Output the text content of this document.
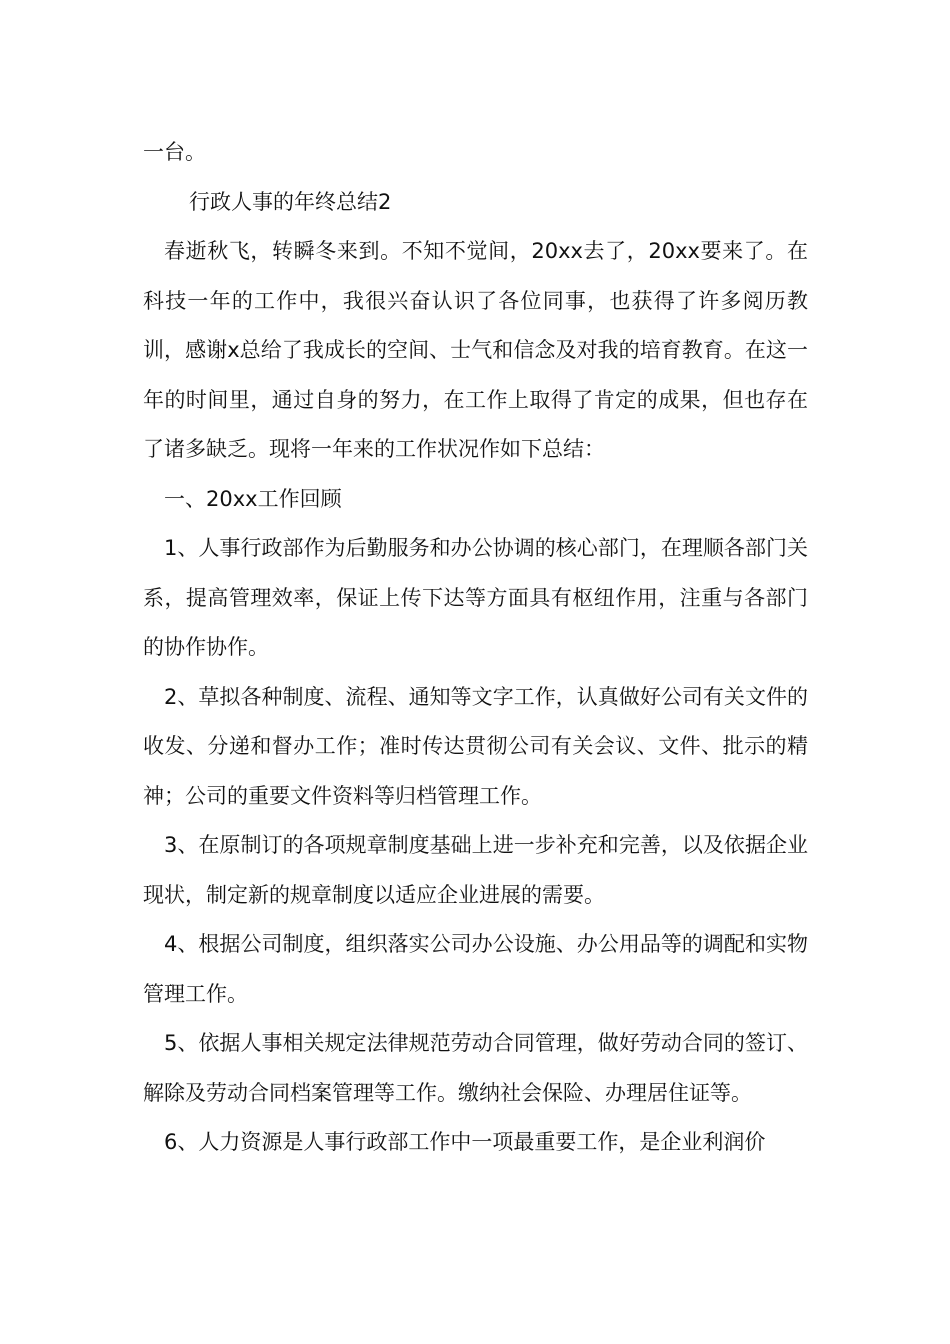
一台。

行政人事的年终总结2

春逝秋飞，转瞬冬来到。不知不觉间，20xx去了，20xx要来了。在科技一年的工作中，我很兴奋认识了各位同事，也获得了许多阅历教训，感谢x总给了我成长的空间、士气和信念及对我的培育教育。在这一年的时间里，通过自身的努力，在工作上取得了肯定的成果，但也存在了诸多缺乏。现将一年来的工作状况作如下总结：

一、20xx工作回顾

1、人事行政部作为后勤服务和办公协调的核心部门，在理顺各部门关系，提高管理效率，保证上传下达等方面具有枢纽作用，注重与各部门的协作协作。

2、草拟各种制度、流程、通知等文字工作，认真做好公司有关文件的收发、分递和督办工作；准时传达贯彻公司有关会议、文件、批示的精神；公司的重要文件资料等归档管理工作。

3、在原制订的各项规章制度基础上进一步补充和完善，以及依据企业现状，制定新的规章制度以适应企业进展的需要。

4、根据公司制度，组织落实公司办公设施、办公用品等的调配和实物管理工作。

5、依据人事相关规定法律规范劳动合同管理，做好劳动合同的签订、解除及劳动合同档案管理等工作。缴纳社会保险、办理居住证等。

6、人力资源是人事行政部工作中一项最重要工作，是企业利润价
